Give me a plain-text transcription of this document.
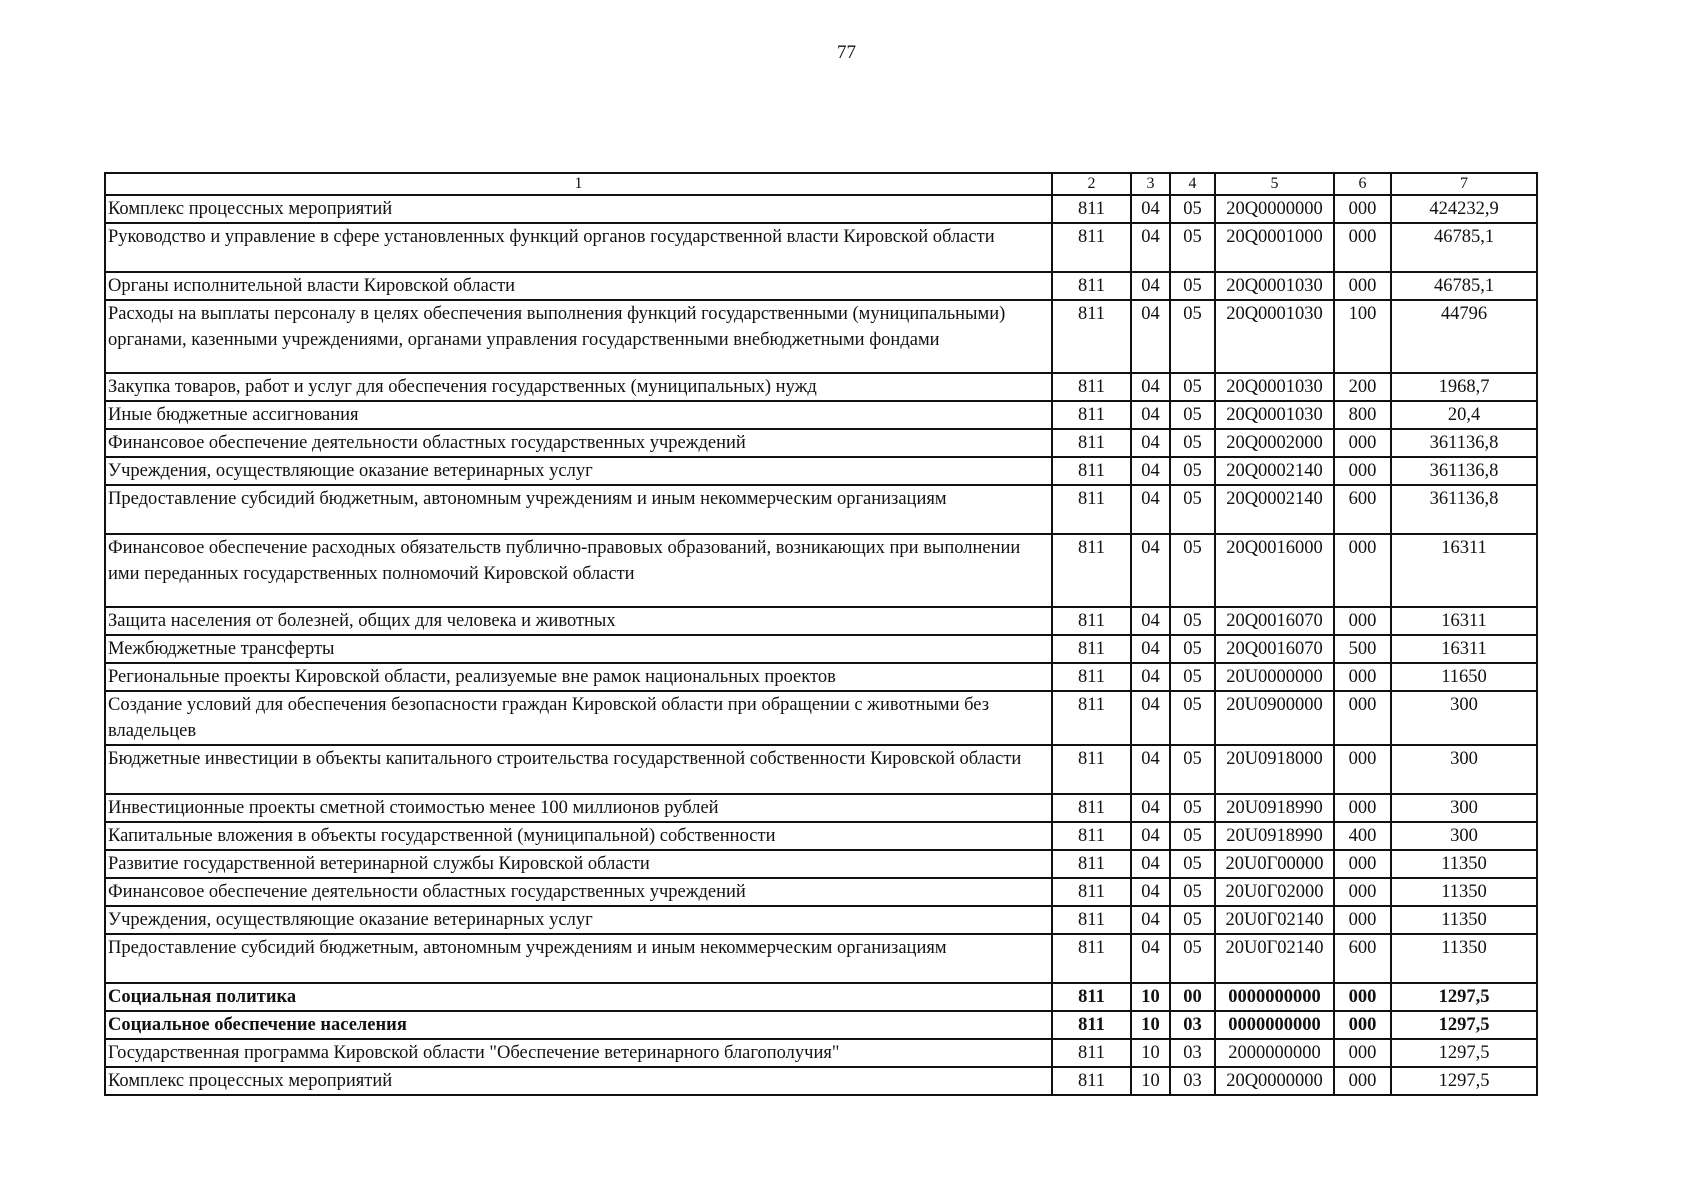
77
1	2	3	4	5	6	7
Комплекс процессных мероприятий	811	04	05	20Q0000000	000	424232,9
Руководство и управление в сфере установленных функций органов государственной власти Кировской области	811	04	05	20Q0001000	000	46785,1
Органы исполнительной власти Кировской области	811	04	05	20Q0001030	000	46785,1
Расходы на выплаты персоналу в целях обеспечения выполнения функций государственными (муниципальными) органами, казенными учреждениями, органами управления государственными внебюджетными фондами	811	04	05	20Q0001030	100	44796
Закупка товаров, работ и услуг для обеспечения государственных (муниципальных) нужд	811	04	05	20Q0001030	200	1968,7
Иные бюджетные ассигнования	811	04	05	20Q0001030	800	20,4
Финансовое обеспечение деятельности областных государственных учреждений	811	04	05	20Q0002000	000	361136,8
Учреждения, осуществляющие оказание ветеринарных услуг	811	04	05	20Q0002140	000	361136,8
Предоставление субсидий бюджетным, автономным учреждениям и иным некоммерческим организациям	811	04	05	20Q0002140	600	361136,8
Финансовое обеспечение расходных обязательств публично-правовых образований, возникающих при выполнении ими переданных государственных полномочий Кировской области	811	04	05	20Q0016000	000	16311
Защита населения от болезней, общих для человека и животных	811	04	05	20Q0016070	000	16311
Межбюджетные трансферты	811	04	05	20Q0016070	500	16311
Региональные проекты Кировской области, реализуемые вне рамок национальных проектов	811	04	05	20U0000000	000	11650
Создание условий для обеспечения безопасности граждан Кировской области при обращении с животными без владельцев	811	04	05	20U0900000	000	300
Бюджетные инвестиции в объекты капитального строительства государственной собственности Кировской области	811	04	05	20U0918000	000	300
Инвестиционные проекты сметной стоимостью менее 100 миллионов рублей	811	04	05	20U0918990	000	300
Капитальные вложения в объекты государственной (муниципальной) собственности	811	04	05	20U0918990	400	300
Развитие государственной ветеринарной службы Кировской области	811	04	05	20U0Г00000	000	11350
Финансовое обеспечение деятельности областных государственных учреждений	811	04	05	20U0Г02000	000	11350
Учреждения, осуществляющие оказание ветеринарных услуг	811	04	05	20U0Г02140	000	11350
Предоставление субсидий бюджетным, автономным учреждениям и иным некоммерческим организациям	811	04	05	20U0Г02140	600	11350
Социальная политика	811	10	00	0000000000	000	1297,5
Социальное обеспечение населения	811	10	03	0000000000	000	1297,5
Государственная программа Кировской области "Обеспечение ветеринарного благополучия"	811	10	03	2000000000	000	1297,5
Комплекс процессных мероприятий	811	10	03	20Q0000000	000	1297,5
